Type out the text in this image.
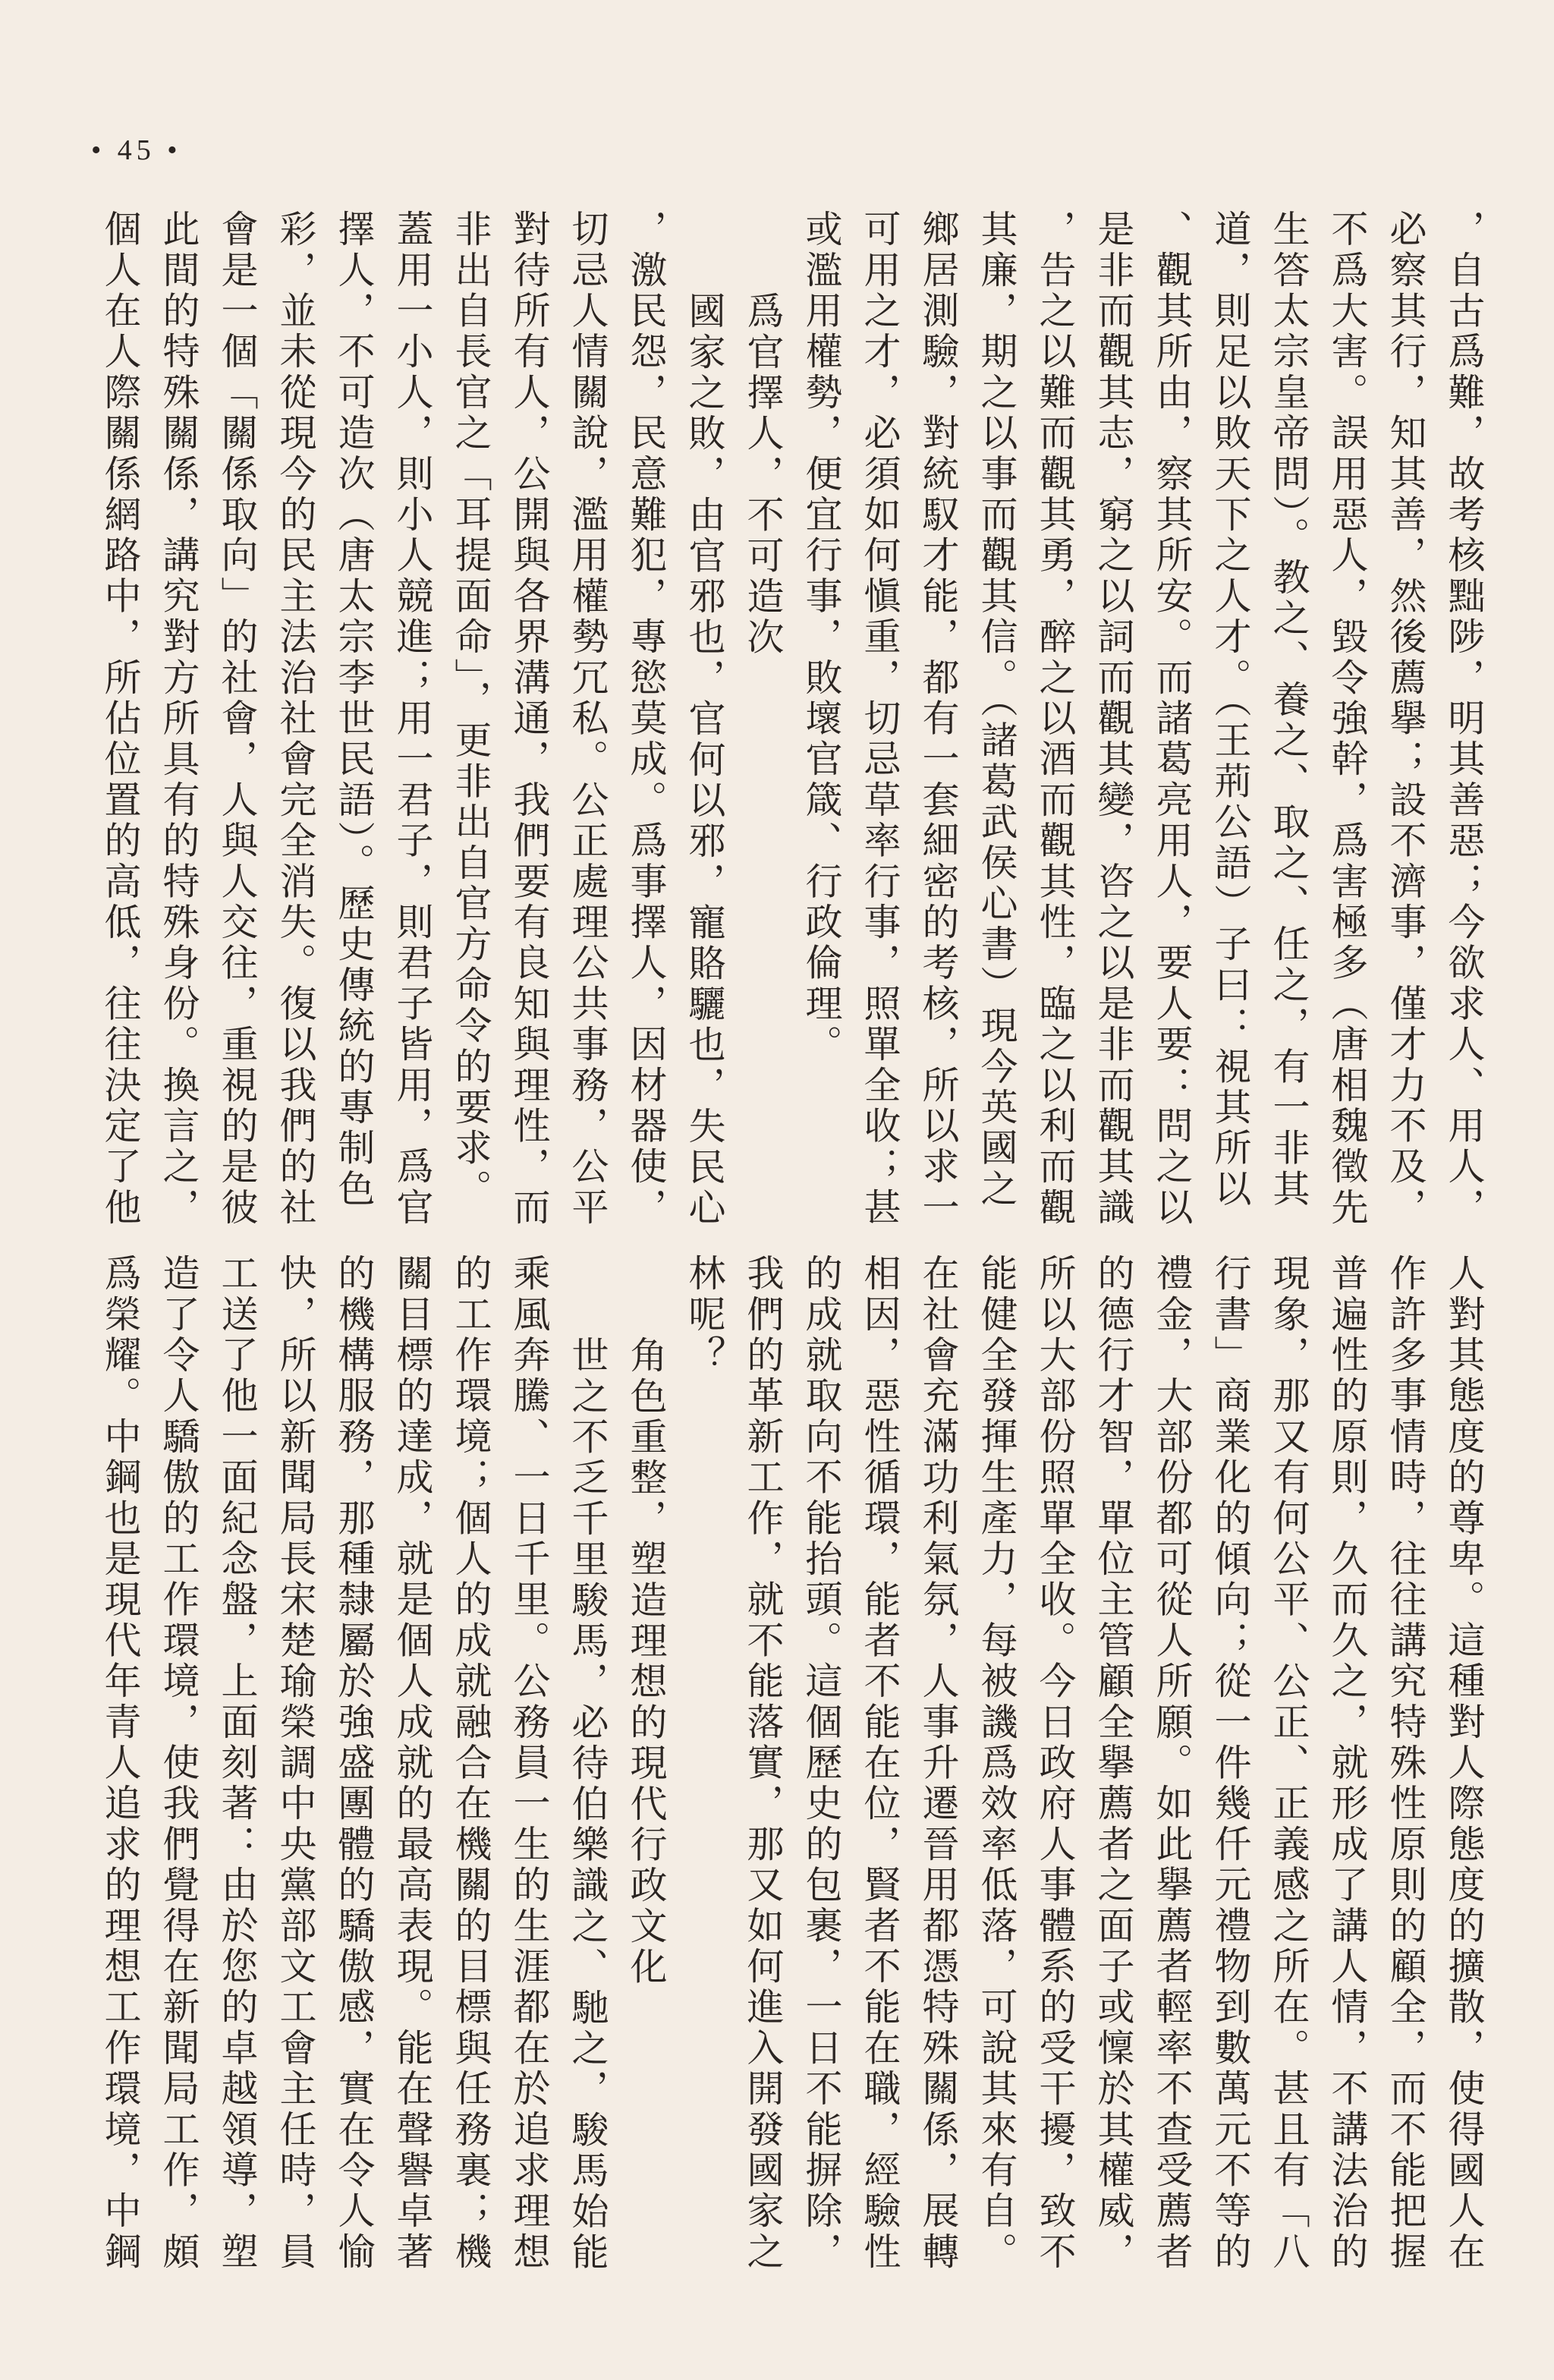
• 45 •
，自古爲難，故考核黜陟，明其善惡；今欲求人、用人，
必察其行，知其善，然後薦擧；設不濟事，僅才力不及，
不爲大害。誤用惡人，毀令強幹，爲害極多（唐相魏徵先
生答太宗皇帝問）。教之、養之、取之、任之，有一非其
道，則足以敗天下之人才。（王荊公語）子曰：視其所以
、觀其所由，察其所安。而諸葛亮用人，要人要：問之以
是非而觀其志，窮之以詞而觀其變，咨之以是非而觀其識
，告之以難而觀其勇，醉之以酒而觀其性，臨之以利而觀
其廉，期之以事而觀其信。（諸葛武侯心書）現今英國之
鄉居測驗，對統馭才能，都有一套細密的考核，所以求一
可用之才，必須如何愼重，切忌草率行事，照單全收；甚
或濫用權勢，便宜行事，敗壞官箴、行政倫理。
爲官擇人，不可造次
國家之敗，由官邪也，官何以邪，寵賂驪也，失民心
，激民怨，民意難犯，專慾莫成。爲事擇人，因材器使，
切忌人情關說，濫用權勢冗私。公正處理公共事務，公平
對待所有人，公開與各界溝通，我們要有良知與理性，而
非出自長官之「耳提面命」，更非出自官方命令的要求。
蓋用一小人，則小人競進；用一君子，則君子皆用，爲官
擇人，不可造次（唐太宗李世民語）。歷史傳統的專制色
彩，並未從現今的民主法治社會完全消失。復以我們的社
會是一個「關係取向」的社會，人與人交往，重視的是彼
此間的特殊關係，講究對方所具有的特殊身份。換言之，
個人在人際關係網路中，所佔位置的高低，往往決定了他
人對其態度的尊卑。這種對人際態度的擴散，使得國人在
作許多事情時，往往講究特殊性原則的顧全，而不能把握
普遍性的原則，久而久之，就形成了講人情，不講法治的
現象，那又有何公平、公正、正義感之所在。甚且有「八
行書」商業化的傾向；從一件幾仟元禮物到數萬元不等的
禮金，大部份都可從人所願。如此擧薦者輕率不查受薦者
的德行才智，單位主管顧全擧薦者之面子或懍於其權威，
所以大部份照單全收。今日政府人事體系的受干擾，致不
能健全發揮生產力，每被譏爲效率低落，可說其來有自。
在社會充滿功利氣氛，人事升遷晉用都憑特殊關係，展轉
相因，惡性循環，能者不能在位，賢者不能在職，經驗性
的成就取向不能抬頭。這個歷史的包裹，一日不能摒除，
我們的革新工作，就不能落實，那又如何進入開發國家之
林呢？
角色重整，塑造理想的現代行政文化
世之不乏千里駿馬，必待伯樂識之、馳之，駿馬始能
乘風奔騰、一日千里。公務員一生的生涯都在於追求理想
的工作環境；個人的成就融合在機關的目標與任務裏；機
關目標的達成，就是個人成就的最高表現。能在聲譽卓著
的機構服務，那種隸屬於強盛團體的驕傲感，實在令人愉
快，所以新聞局長宋楚瑜榮調中央黨部文工會主任時，員
工送了他一面紀念盤，上面刻著：由於您的卓越領導，塑
造了令人驕傲的工作環境，使我們覺得在新聞局工作，頗
爲榮耀。中鋼也是現代年青人追求的理想工作環境，中鋼
